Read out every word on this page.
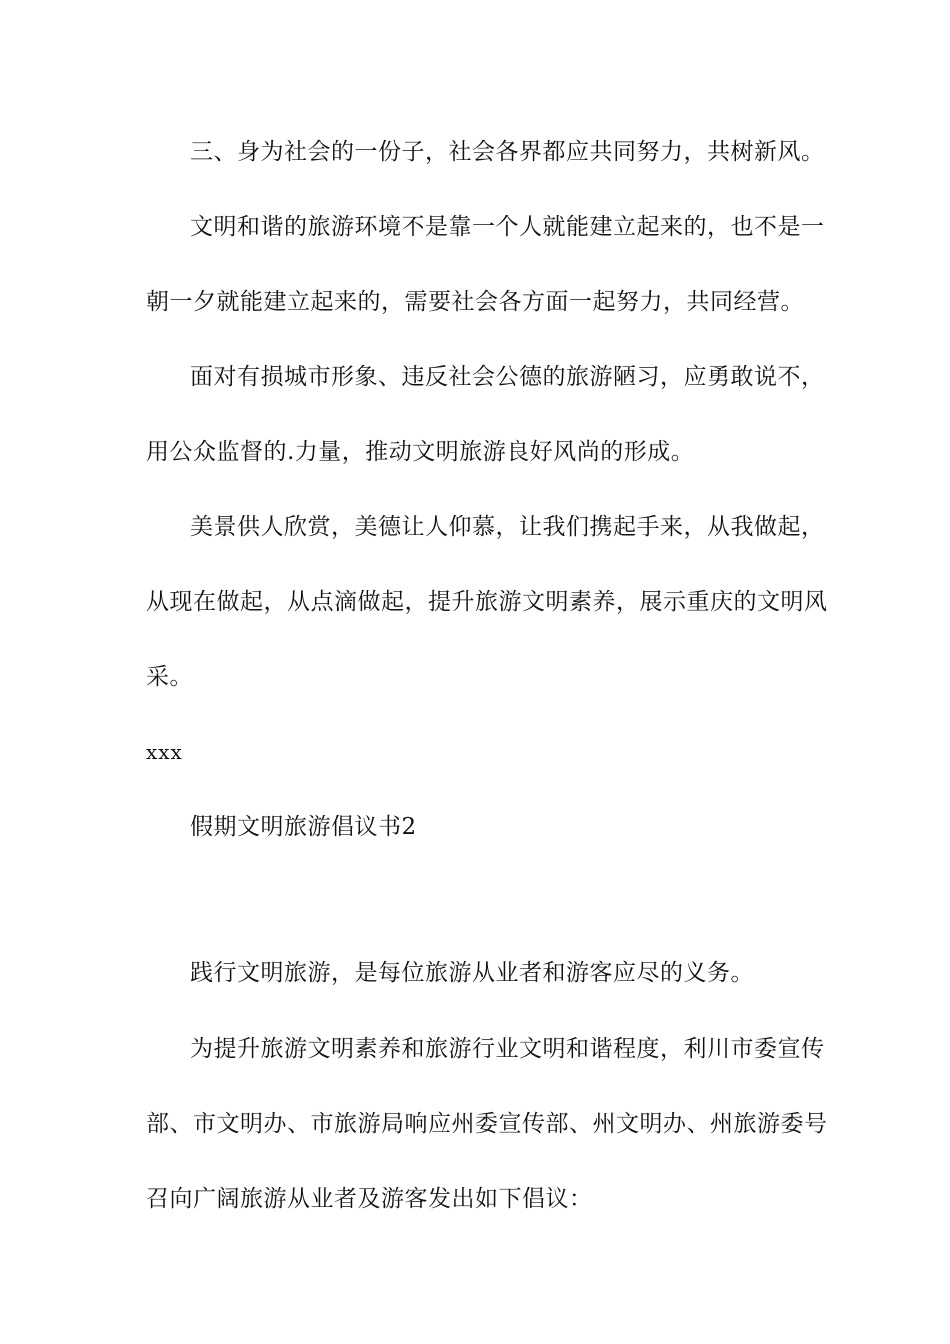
三、身为社会的一份子，社会各界都应共同努力，共树新风。
文明和谐的旅游环境不是靠一个人就能建立起来的，也不是一
朝一夕就能建立起来的，需要社会各方面一起努力，共同经营。
面对有损城市形象、违反社会公德的旅游陋习，应勇敢说不，
用公众监督的.力量，推动文明旅游良好风尚的形成。
美景供人欣赏，美德让人仰慕，让我们携起手来，从我做起，
从现在做起，从点滴做起，提升旅游文明素养，展示重庆的文明风
采。
xxx
假期文明旅游倡议书2
践行文明旅游，是每位旅游从业者和游客应尽的义务。
为提升旅游文明素养和旅游行业文明和谐程度，利川市委宣传
部、市文明办、市旅游局响应州委宣传部、州文明办、州旅游委号
召向广阔旅游从业者及游客发出如下倡议：
